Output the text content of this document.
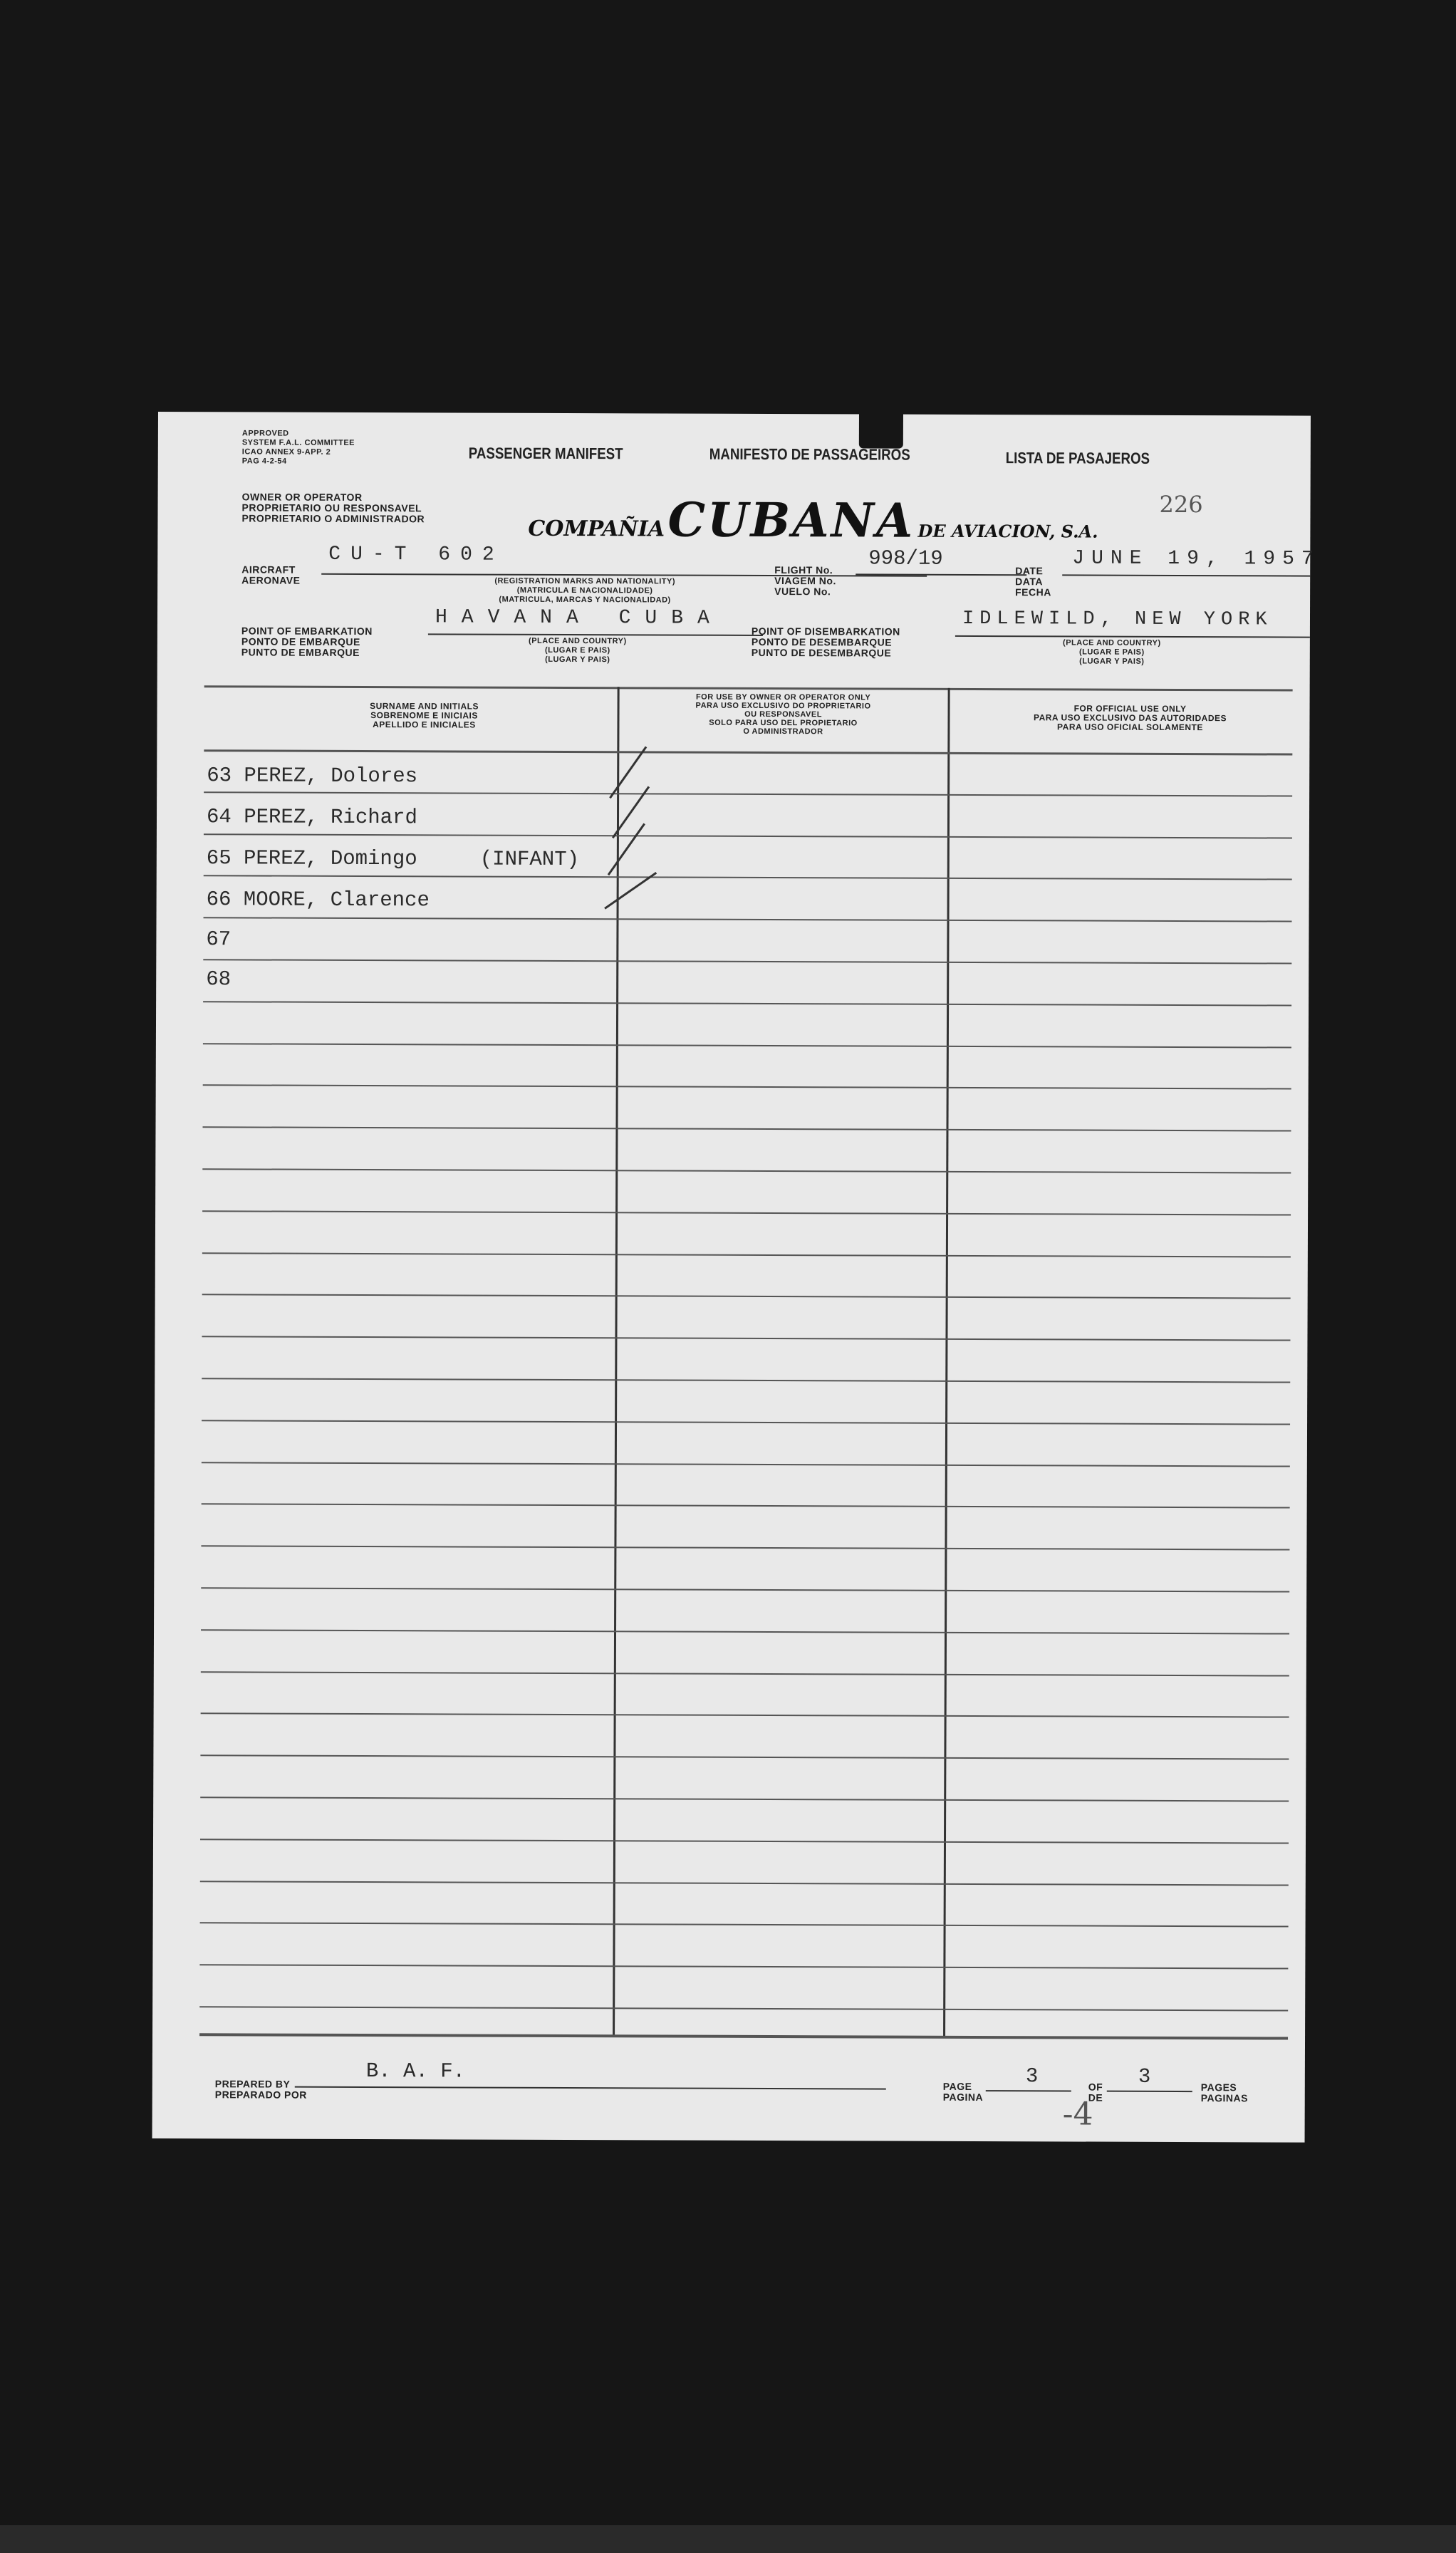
APPROVED
SYSTEM F.A.L. COMMITTEE
ICAO ANNEX 9-APP. 2
PAG 4-2-54
OWNER OR OPERATOR
PROPRIETARIO OU RESPONSAVEL
PROPRIETARIO O ADMINISTRADOR
PASSENGER MANIFEST	MANIFESTO DE PASSAGEIROS	LISTA DE PASAJEROS
COMPAÑIA CUBANA DE AVIACION, S.A.
226
AIRCRAFT
AERONAVE
CU-T 602
(REGISTRATION MARKS AND NATIONALITY)
(MATRICULA E NACIONALIDADE)
(MATRICULA, MARCAS Y NACIONALIDAD)
FLIGHT No.
VIAGEM No.
VUELO No.
998/19
DATE
DATA
FECHA
JUNE 19, 1957
POINT OF EMBARKATION
PONTO DE EMBARQUE
PUNTO DE EMBARQUE
HAVANA CUBA
(PLACE AND COUNTRY)
(LUGAR E PAIS)
(LUGAR Y PAIS)
POINT OF DISEMBARKATION
PONTO DE DESEMBARQUE
PUNTO DE DESEMBARQUE
IDLEWILD, NEW YORK
(PLACE AND COUNTRY)
(LUGAR E PAIS)
(LUGAR Y PAIS)
SURNAME AND INITIALS
SOBRENOME E INICIAIS
APELLIDO E INICIALES
FOR USE BY OWNER OR OPERATOR ONLY
PARA USO EXCLUSIVO DO PROPRIETARIO
OU RESPONSAVEL
SOLO PARA USO DEL PROPIETARIO
O ADMINISTRADOR
FOR OFFICIAL USE ONLY
PARA USO EXCLUSIVO DAS AUTORIDADES
PARA USO OFICIAL SOLAMENTE
63 PEREZ, Dolores
64 PEREZ, Richard
65 PEREZ, Domingo	(INFANT)
66 MOORE, Clarence
67
68
PREPARED BY
PREPARADO POR
B. A. F.
PAGE
PAGINA
3	OF
DE
3	PAGES
PAGINAS
-4
